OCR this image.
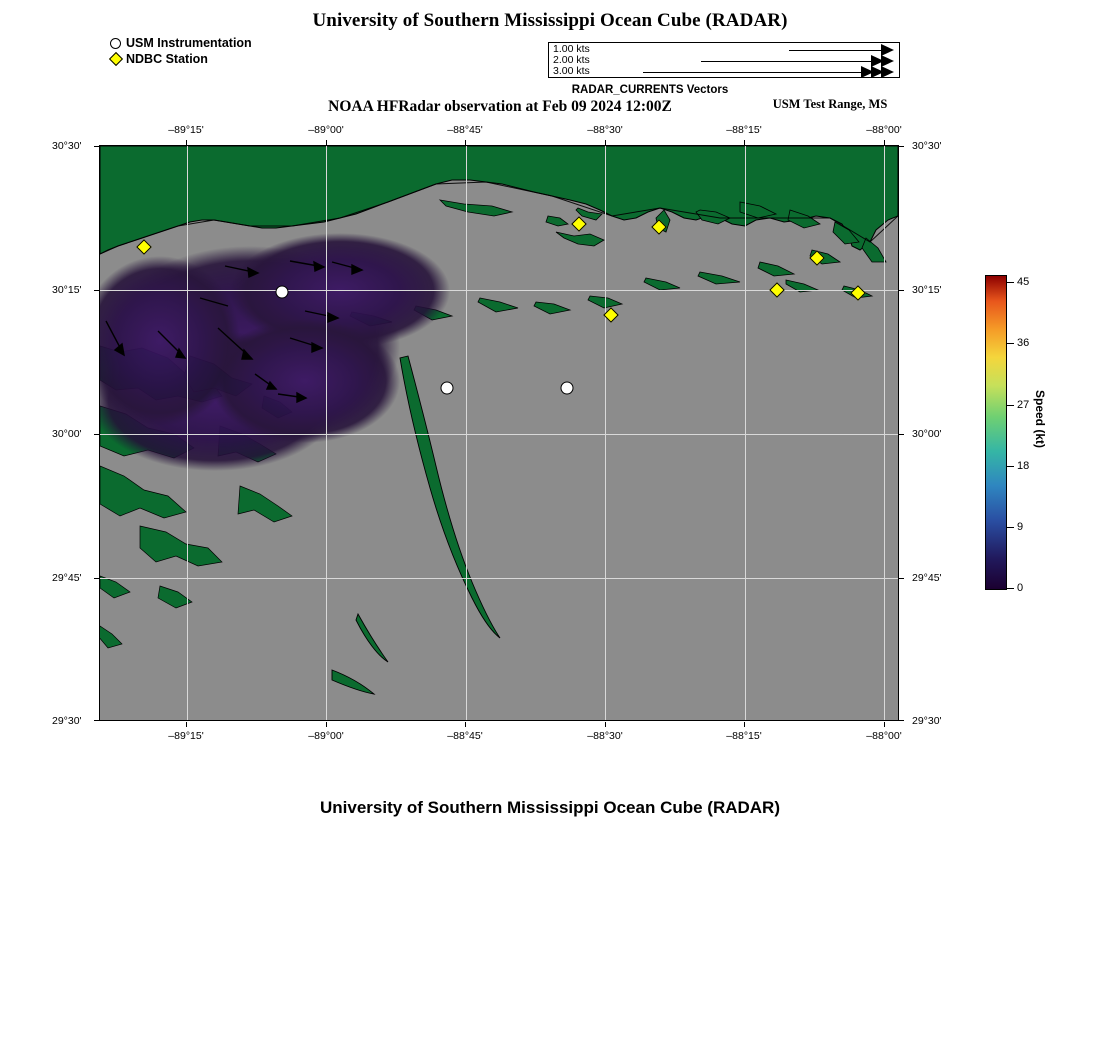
University of Southern Mississippi Ocean Cube (RADAR)
NOAA HFRadar observation at Feb 09 2024 12:00Z	USM Test Range, MS
University of Southern Mississippi Ocean Cube (RADAR)
USM Instrumentation
NDBC Station
1.00 kts
2.00 kts
3.00 kts
RADAR_CURRENTS Vectors
–89°15'	–89°00'	–88°45'	–88°30'	–88°15'	–88°00'
–89°15'	–89°00'	–88°45'	–88°30'	–88°15'	–88°00'
30°30'
30°15'
30°00'
29°45'
29°30'
30°30'
30°15'
30°00'
29°45'
29°30'
45
36
27
18
9
0
Speed (kt)
